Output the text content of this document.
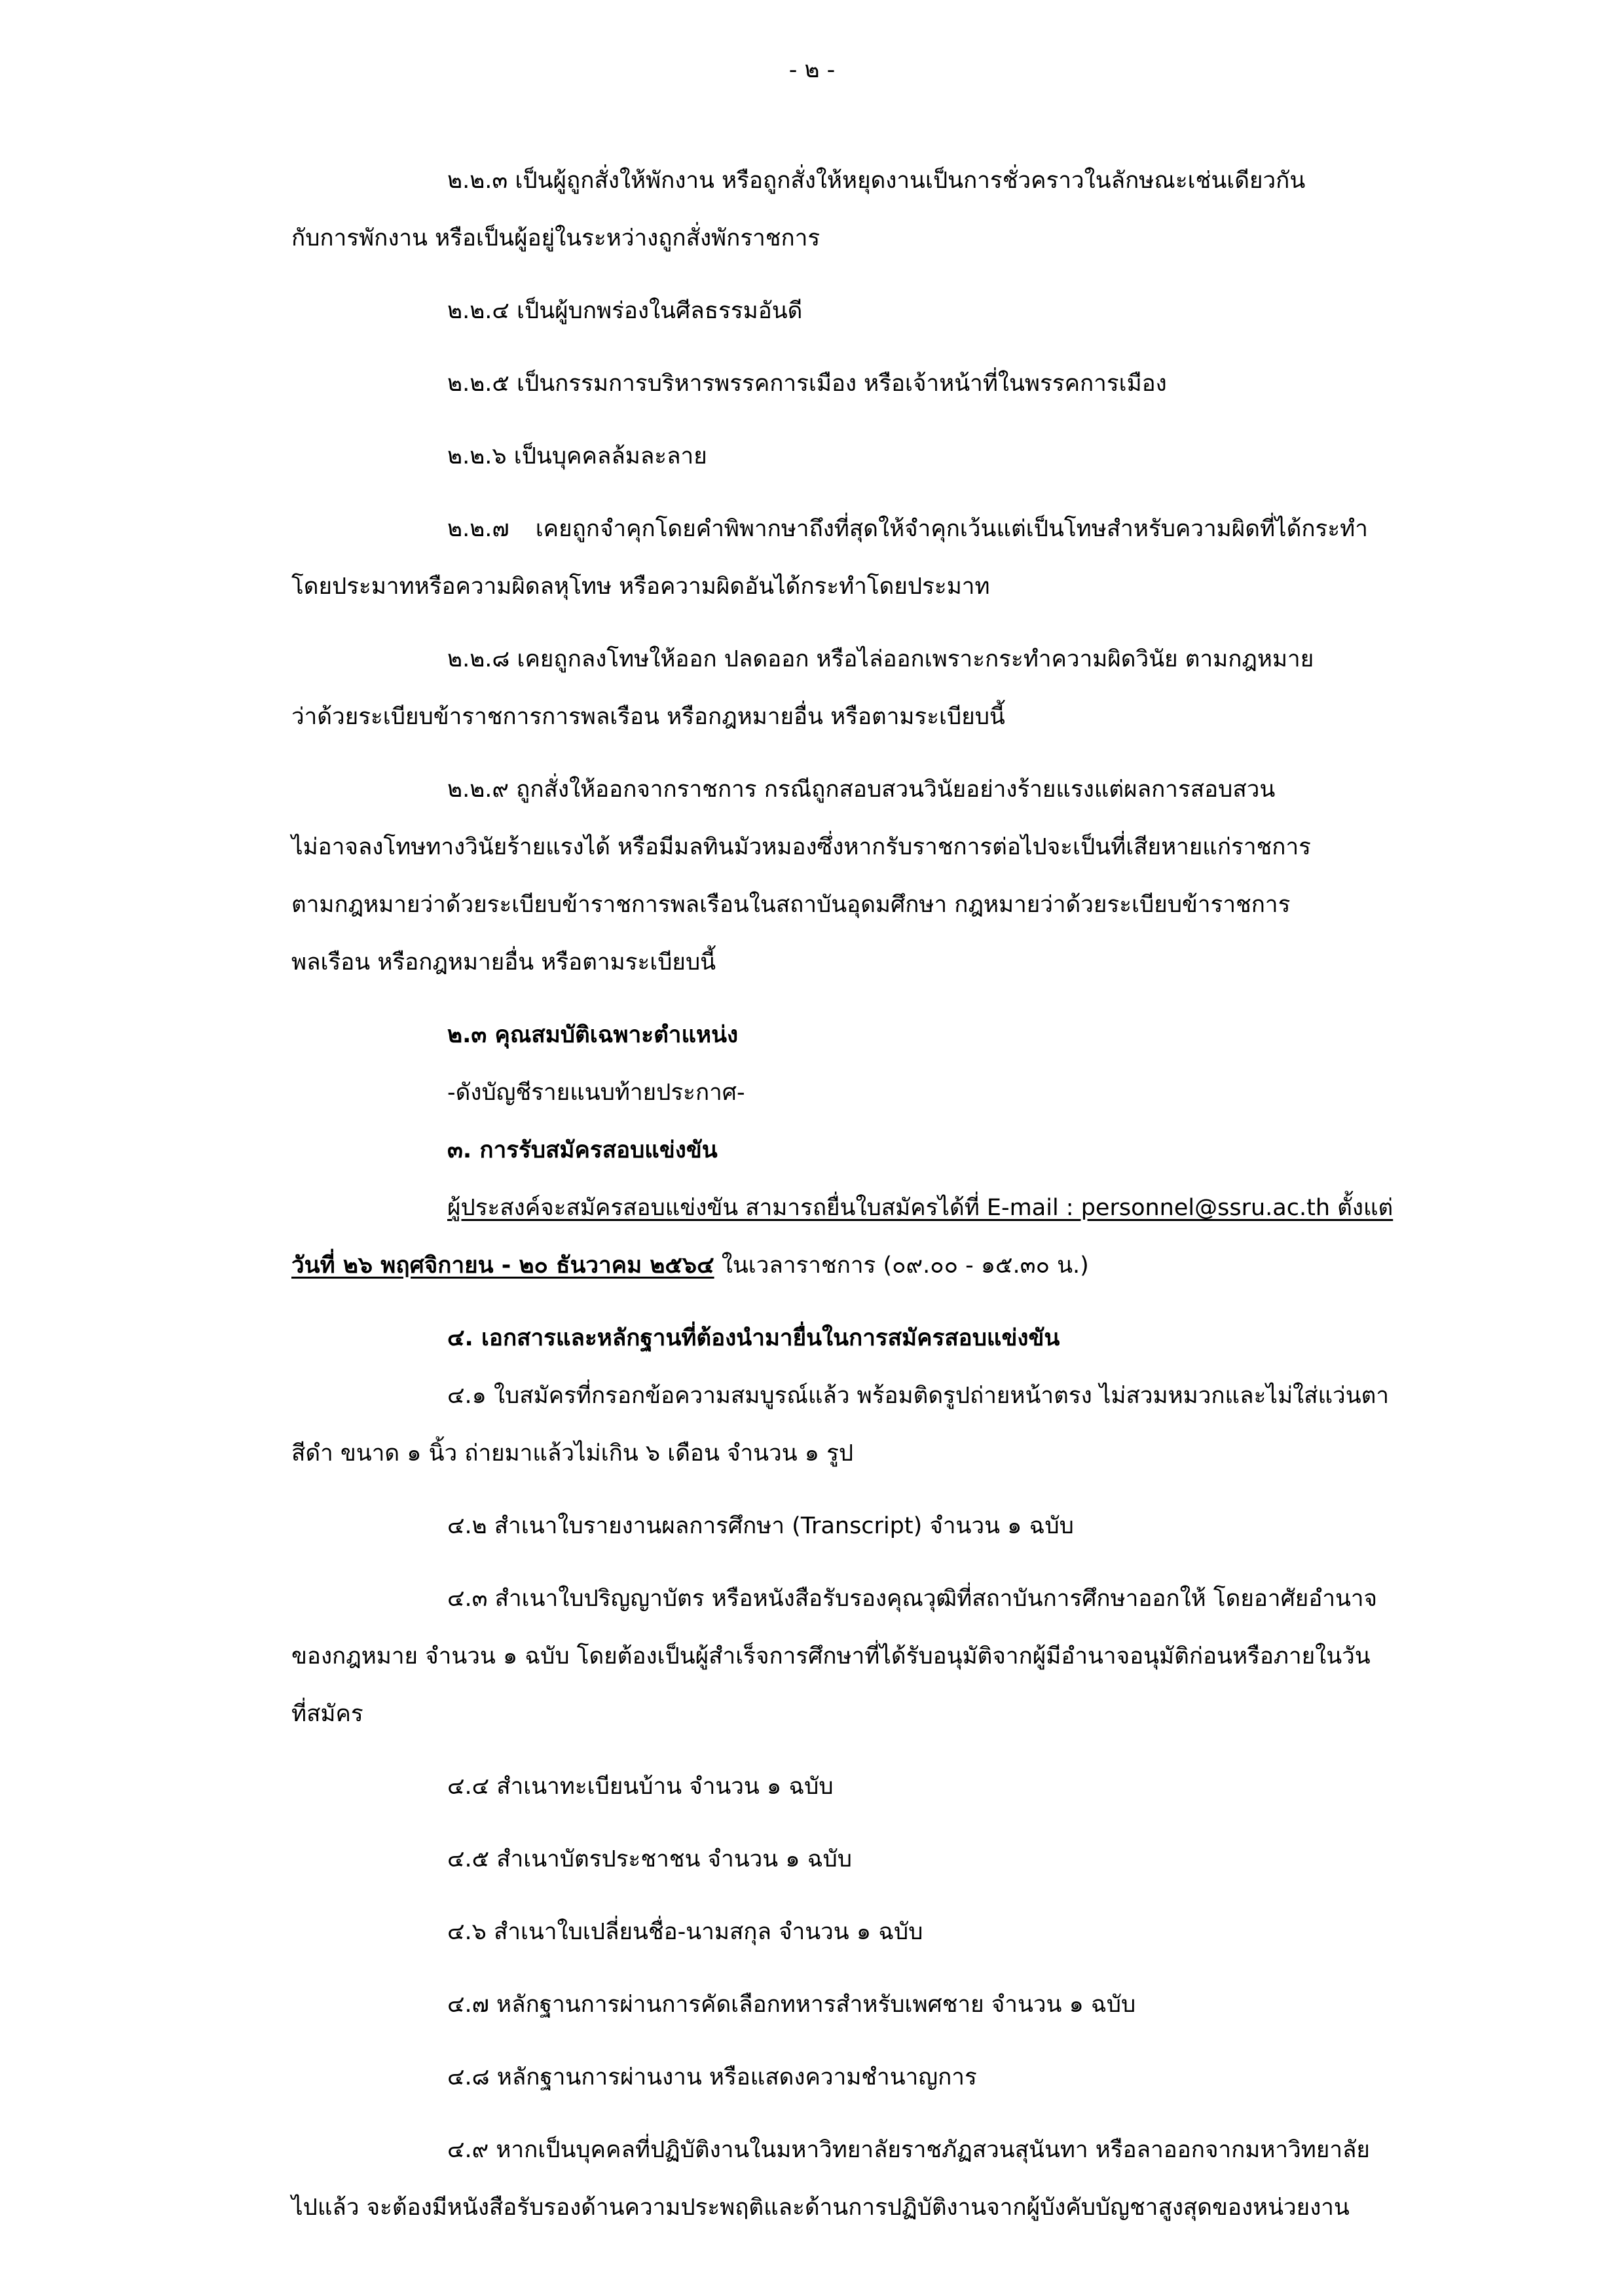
- ๒ -
๒.๒.๓ เป็นผู้ถูกสั่งให้พักงาน หรือถูกสั่งให้หยุดงานเป็นการชั่วคราวในลักษณะเช่นเดียวกัน
กับการพักงาน หรือเป็นผู้อยู่ในระหว่างถูกสั่งพักราชการ
๒.๒.๔ เป็นผู้บกพร่องในศีลธรรมอันดี
๒.๒.๕ เป็นกรรมการบริหารพรรคการเมือง หรือเจ้าหน้าที่ในพรรคการเมือง
๒.๒.๖ เป็นบุคคลล้มละลาย
๒.๒.๗ เคยถูกจำคุกโดยคำพิพากษาถึงที่สุดให้จำคุกเว้นแต่เป็นโทษสำหรับความผิดที่ได้กระทำ
โดยประมาทหรือความผิดลหุโทษ หรือความผิดอันได้กระทำโดยประมาท
๒.๒.๘ เคยถูกลงโทษให้ออก ปลดออก หรือไล่ออกเพราะกระทำความผิดวินัย ตามกฎหมาย
ว่าด้วยระเบียบข้าราชการการพลเรือน หรือกฎหมายอื่น หรือตามระเบียบนี้
๒.๒.๙ ถูกสั่งให้ออกจากราชการ กรณีถูกสอบสวนวินัยอย่างร้ายแรงแต่ผลการสอบสวน
ไม่อาจลงโทษทางวินัยร้ายแรงได้ หรือมีมลทินมัวหมองซึ่งหากรับราชการต่อไปจะเป็นที่เสียหายแก่ราชการ
ตามกฎหมายว่าด้วยระเบียบข้าราชการพลเรือนในสถาบันอุดมศึกษา กฎหมายว่าด้วยระเบียบข้าราชการ
พลเรือน หรือกฎหมายอื่น หรือตามระเบียบนี้
๒.๓ คุณสมบัติเฉพาะตำแหน่ง
-ดังบัญชีรายแนบท้ายประกาศ-
๓. การรับสมัครสอบแข่งขัน
ผู้ประสงค์จะสมัครสอบแข่งขัน สามารถยื่นใบสมัครได้ที่ E-mail : personnel@ssru.ac.th ตั้งแต่
วันที่ ๒๖ พฤศจิกายน - ๒๐ ธันวาคม ๒๕๖๔ ในเวลาราชการ (๐๙.๐๐ - ๑๕.๓๐ น.)
๔. เอกสารและหลักฐานที่ต้องนำมายื่นในการสมัครสอบแข่งขัน
๔.๑ ใบสมัครที่กรอกข้อความสมบูรณ์แล้ว พร้อมติดรูปถ่ายหน้าตรง ไม่สวมหมวกและไม่ใส่แว่นตา
สีดำ ขนาด ๑ นิ้ว ถ่ายมาแล้วไม่เกิน ๖ เดือน จำนวน ๑ รูป
๔.๒ สำเนาใบรายงานผลการศึกษา (Transcript) จำนวน ๑ ฉบับ
๔.๓ สำเนาใบปริญญาบัตร หรือหนังสือรับรองคุณวุฒิที่สถาบันการศึกษาออกให้ โดยอาศัยอำนาจ
ของกฎหมาย จำนวน ๑ ฉบับ โดยต้องเป็นผู้สำเร็จการศึกษาที่ได้รับอนุมัติจากผู้มีอำนาจอนุมัติก่อนหรือภายในวัน
ที่สมัคร
๔.๔ สำเนาทะเบียนบ้าน จำนวน ๑ ฉบับ
๔.๕ สำเนาบัตรประชาชน จำนวน ๑ ฉบับ
๔.๖ สำเนาใบเปลี่ยนชื่อ-นามสกุล จำนวน ๑ ฉบับ
๔.๗ หลักฐานการผ่านการคัดเลือกทหารสำหรับเพศชาย จำนวน ๑ ฉบับ
๔.๘ หลักฐานการผ่านงาน หรือแสดงความชำนาญการ
๔.๙ หากเป็นบุคคลที่ปฏิบัติงานในมหาวิทยาลัยราชภัฏสวนสุนันทา หรือลาออกจากมหาวิทยาลัย
ไปแล้ว จะต้องมีหนังสือรับรองด้านความประพฤติและด้านการปฏิบัติงานจากผู้บังคับบัญชาสูงสุดของหน่วยงาน
